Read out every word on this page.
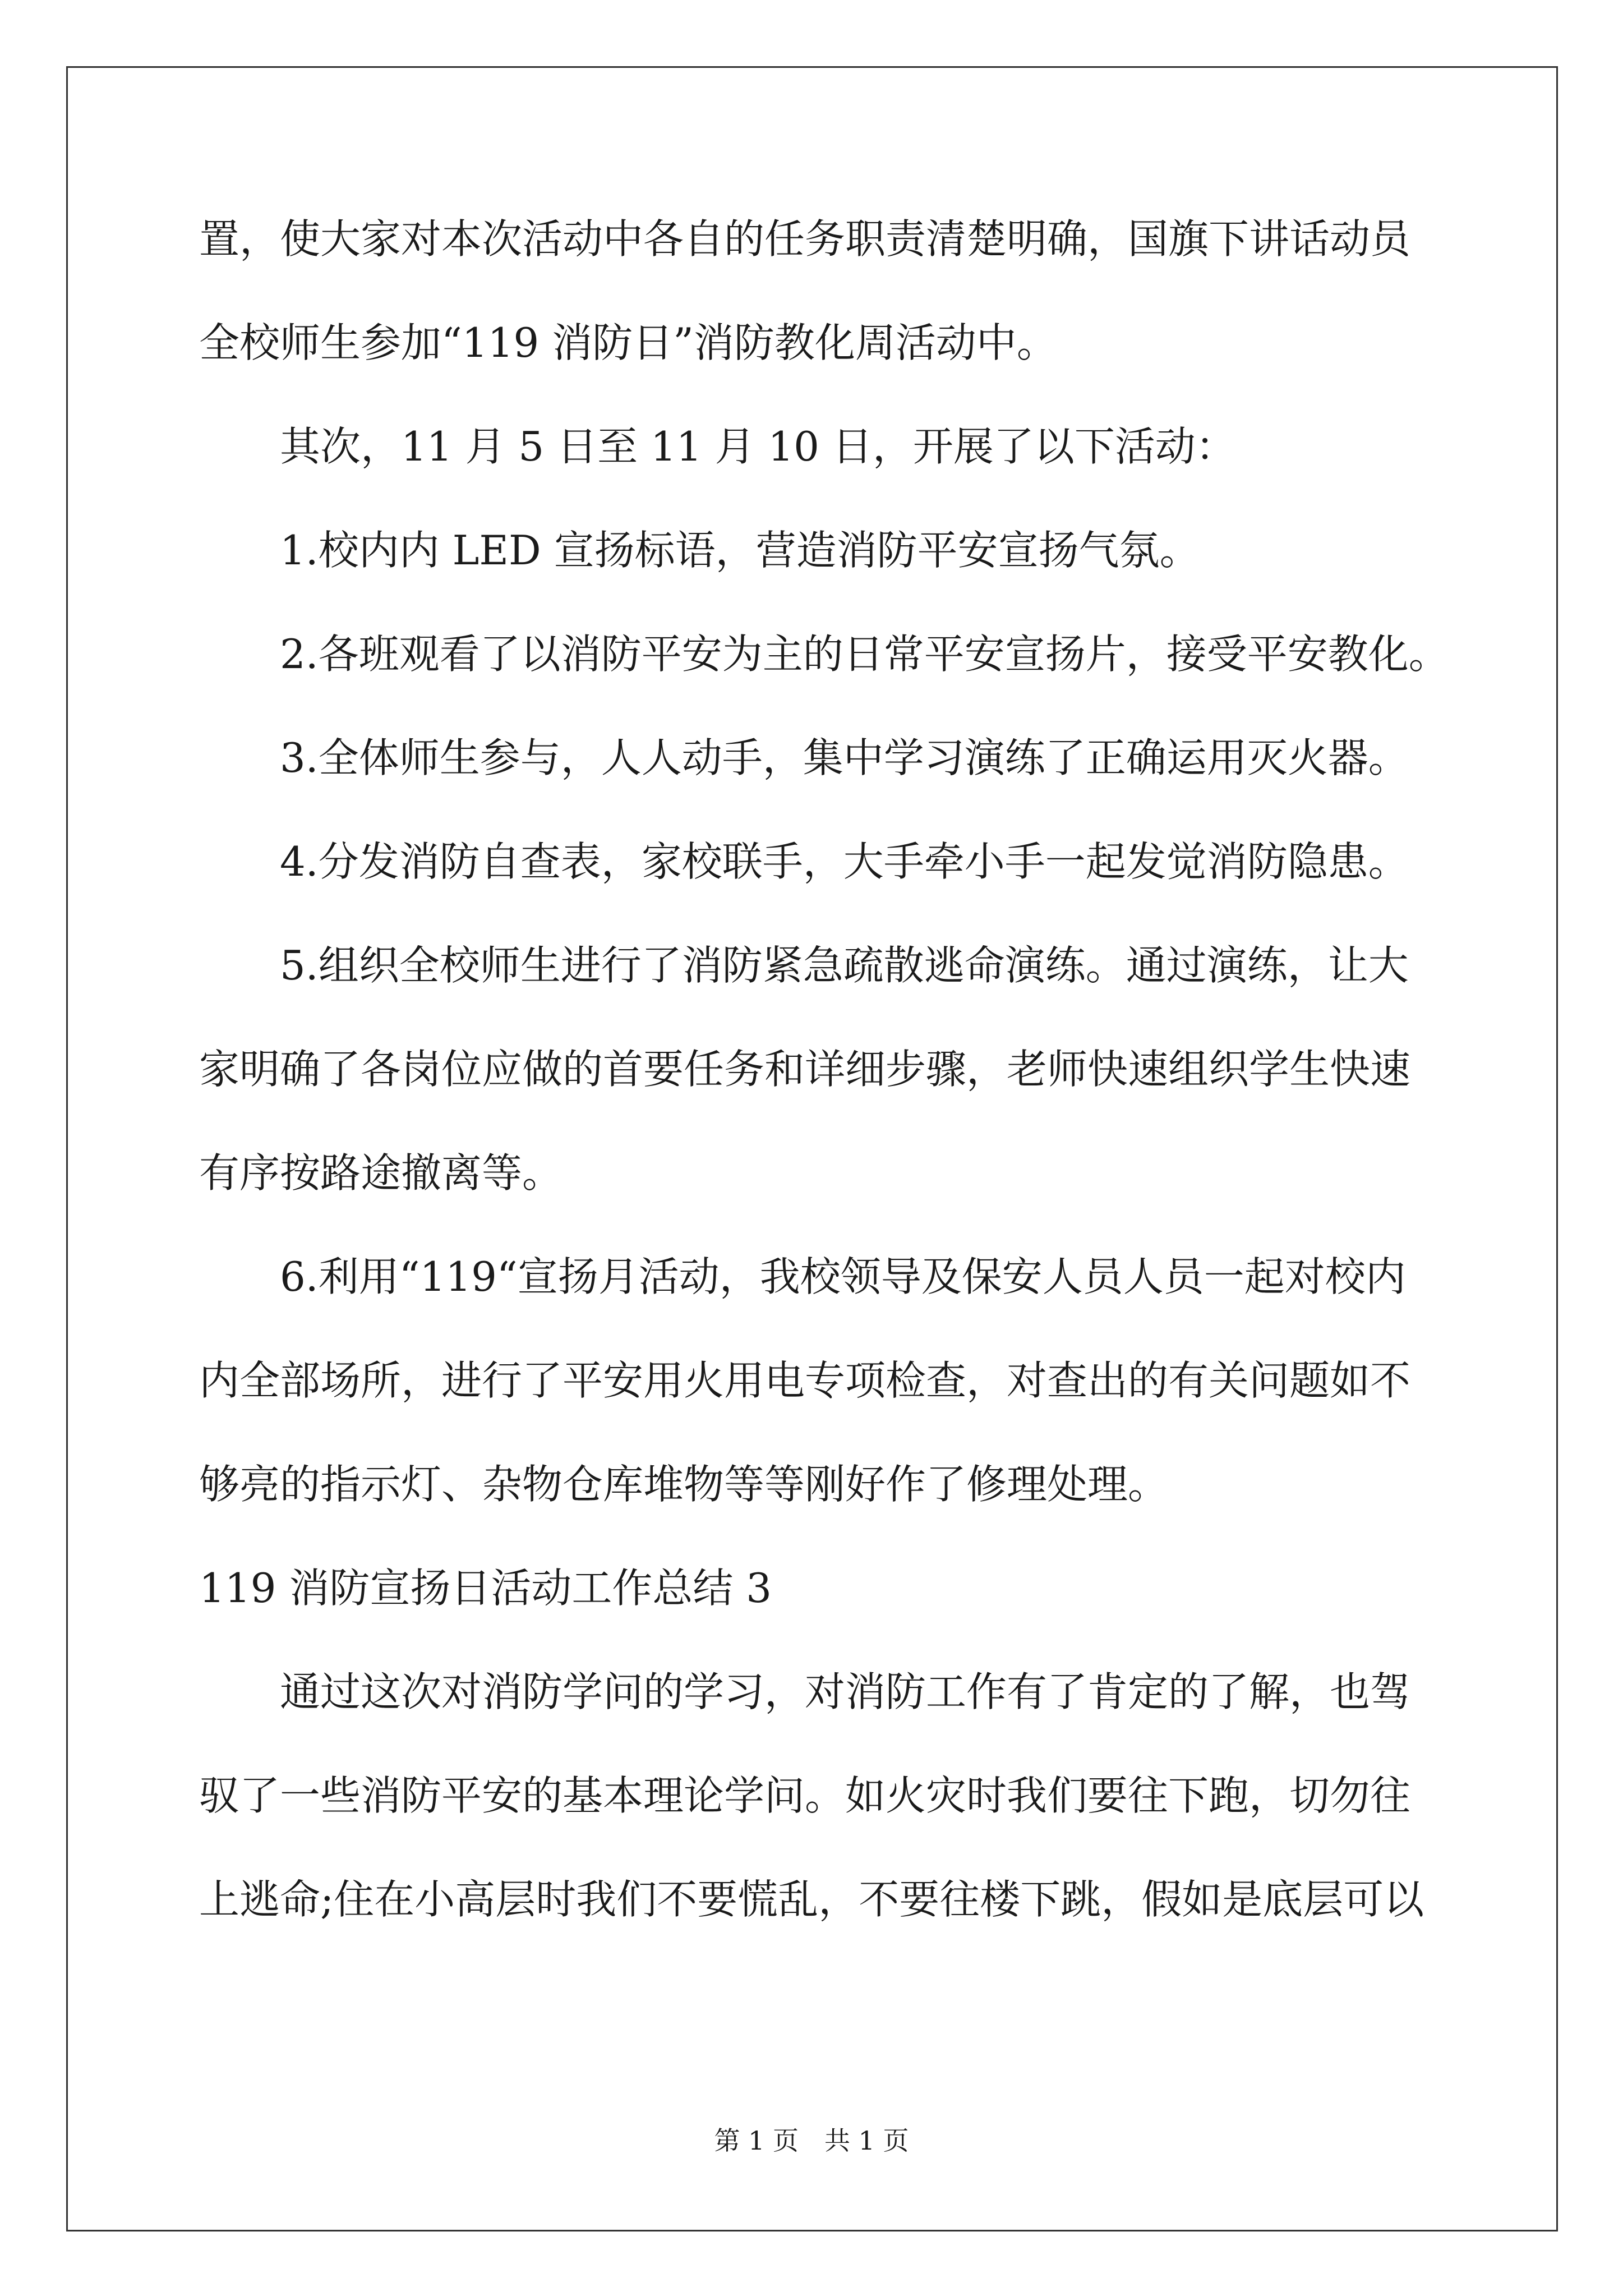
置，使大家对本次活动中各自的任务职责清楚明确，国旗下讲话动员
全校师生参加“119 消防日”消防教化周活动中。
其次，11 月 5 日至 11 月 10 日，开展了以下活动：
1.校内内 LED 宣扬标语，营造消防平安宣扬气氛。
2.各班观看了以消防平安为主的日常平安宣扬片，接受平安教化。
3.全体师生参与，人人动手，集中学习演练了正确运用灭火器。
4.分发消防自查表，家校联手，大手牵小手一起发觉消防隐患。
5.组织全校师生进行了消防紧急疏散逃命演练。通过演练，让大
家明确了各岗位应做的首要任务和详细步骤，老师快速组织学生快速
有序按路途撤离等。
6.利用“119“宣扬月活动，我校领导及保安人员人员一起对校内
内全部场所，进行了平安用火用电专项检查，对查出的有关问题如不
够亮的指示灯、杂物仓库堆物等等刚好作了修理处理。
119 消防宣扬日活动工作总结 3
通过这次对消防学问的学习，对消防工作有了肯定的了解，也驾
驭了一些消防平安的基本理论学问。如火灾时我们要往下跑，切勿往
上逃命;住在小高层时我们不要慌乱，不要往楼下跳，假如是底层可以
第 1 页　共 1 页
